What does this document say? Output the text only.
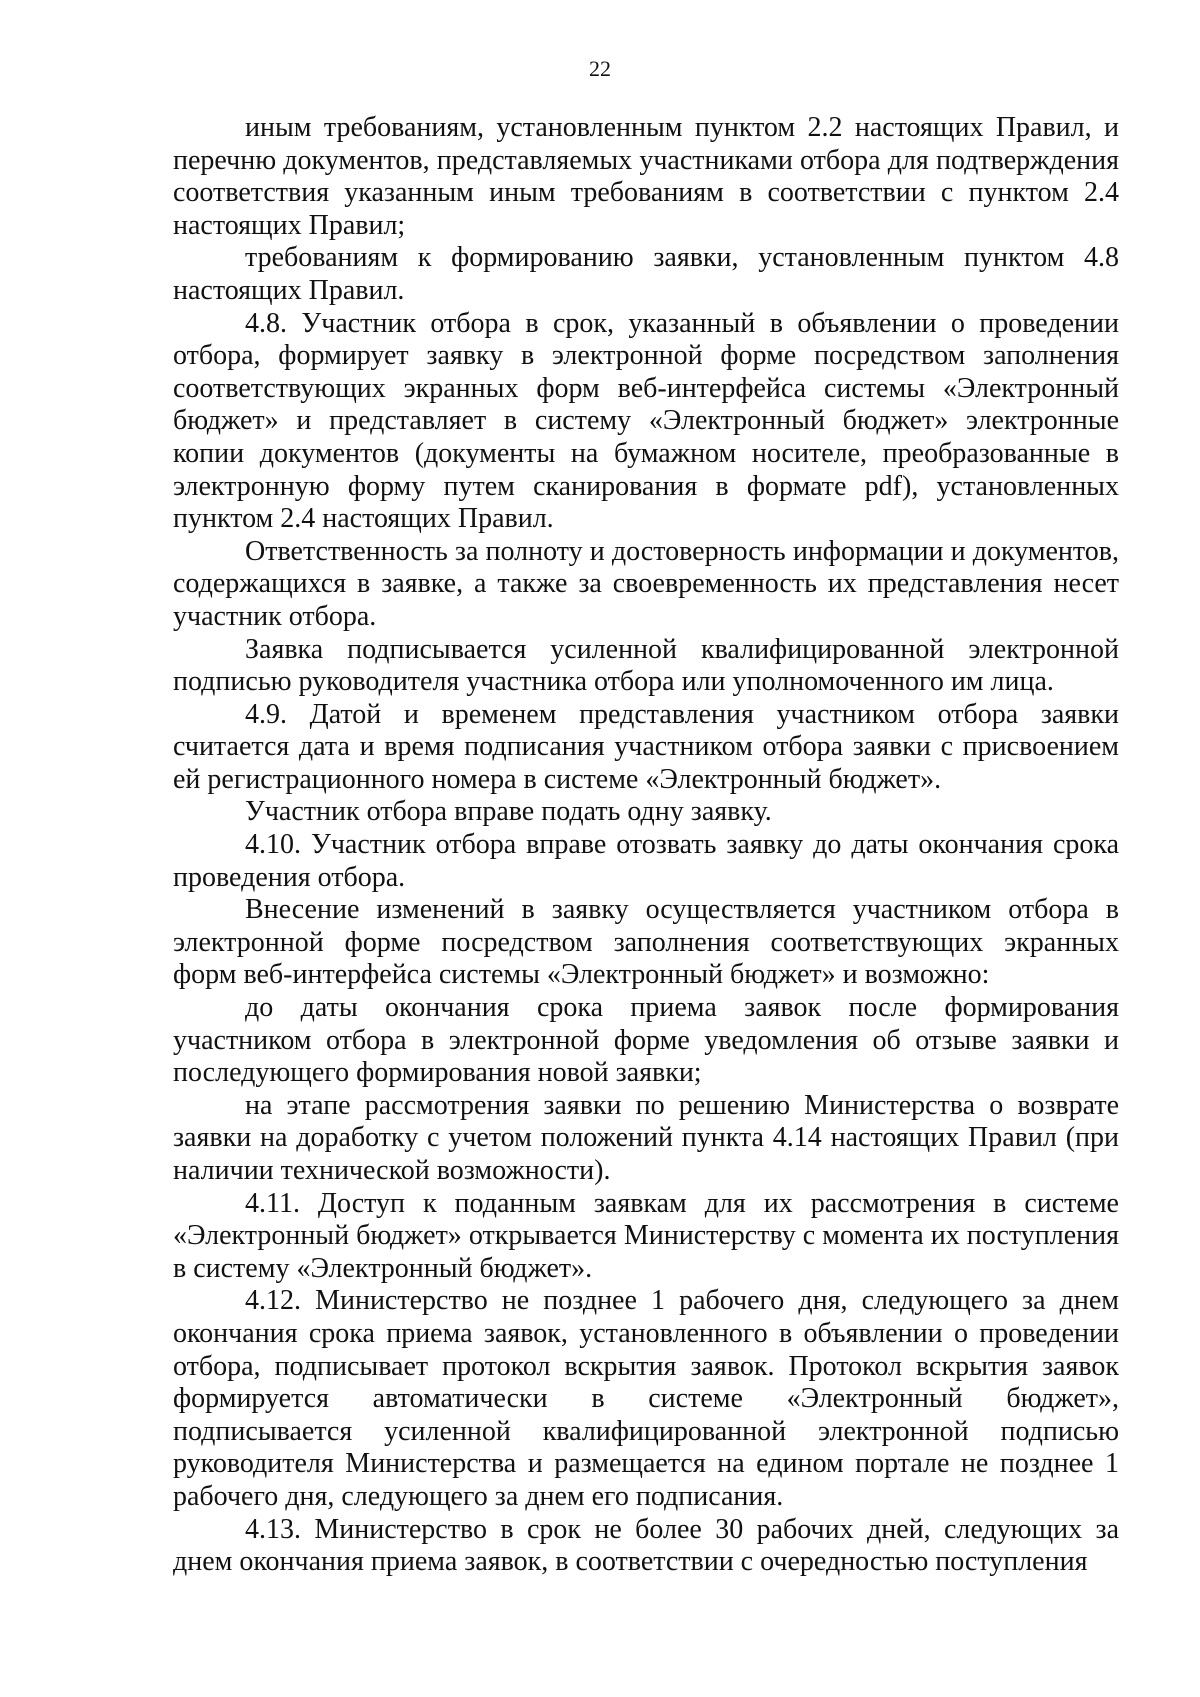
22

иным требованиям, установленным пунктом 2.2 настоящих Правил, и перечню документов, представляемых участниками отбора для подтверждения соответствия указанным иным требованиям в соответствии с пунктом 2.4 настоящих Правил;

требованиям к формированию заявки, установленным пунктом 4.8 настоящих Правил.

4.8. Участник отбора в срок, указанный в объявлении о проведении отбора, формирует заявку в электронной форме посредством заполнения соответствующих экранных форм веб-интерфейса системы «Электронный бюджет» и представляет в систему «Электронный бюджет» электронные копии документов (документы на бумажном носителе, преобразованные в электронную форму путем сканирования в формате pdf), установленных пунктом 2.4 настоящих Правил.

Ответственность за полноту и достоверность информации и документов, содержащихся в заявке, а также за своевременность их представления несет участник отбора.

Заявка подписывается усиленной квалифицированной электронной подписью руководителя участника отбора или уполномоченного им лица.

4.9. Датой и временем представления участником отбора заявки считается дата и время подписания участником отбора заявки с присвоением ей регистрационного номера в системе «Электронный бюджет».

Участник отбора вправе подать одну заявку.

4.10. Участник отбора вправе отозвать заявку до даты окончания срока проведения отбора.

Внесение изменений в заявку осуществляется участником отбора в электронной форме посредством заполнения соответствующих экранных форм веб-интерфейса системы «Электронный бюджет» и возможно:

до даты окончания срока приема заявок после формирования участником отбора в электронной форме уведомления об отзыве заявки и последующего формирования новой заявки;

на этапе рассмотрения заявки по решению Министерства о возврате заявки на доработку с учетом положений пункта 4.14 настоящих Правил (при наличии технической возможности).

4.11. Доступ к поданным заявкам для их рассмотрения в системе «Электронный бюджет» открывается Министерству с момента их поступления в систему «Электронный бюджет».

4.12. Министерство не позднее 1 рабочего дня, следующего за днем окончания срока приема заявок, установленного в объявлении о проведении отбора, подписывает протокол вскрытия заявок. Протокол вскрытия заявок формируется автоматически в системе «Электронный бюджет», подписывается усиленной квалифицированной электронной подписью руководителя Министерства и размещается на едином портале не позднее 1 рабочего дня, следующего за днем его подписания.

4.13. Министерство в срок не более 30 рабочих дней, следующих за днем окончания приема заявок, в соответствии с очередностью поступления
